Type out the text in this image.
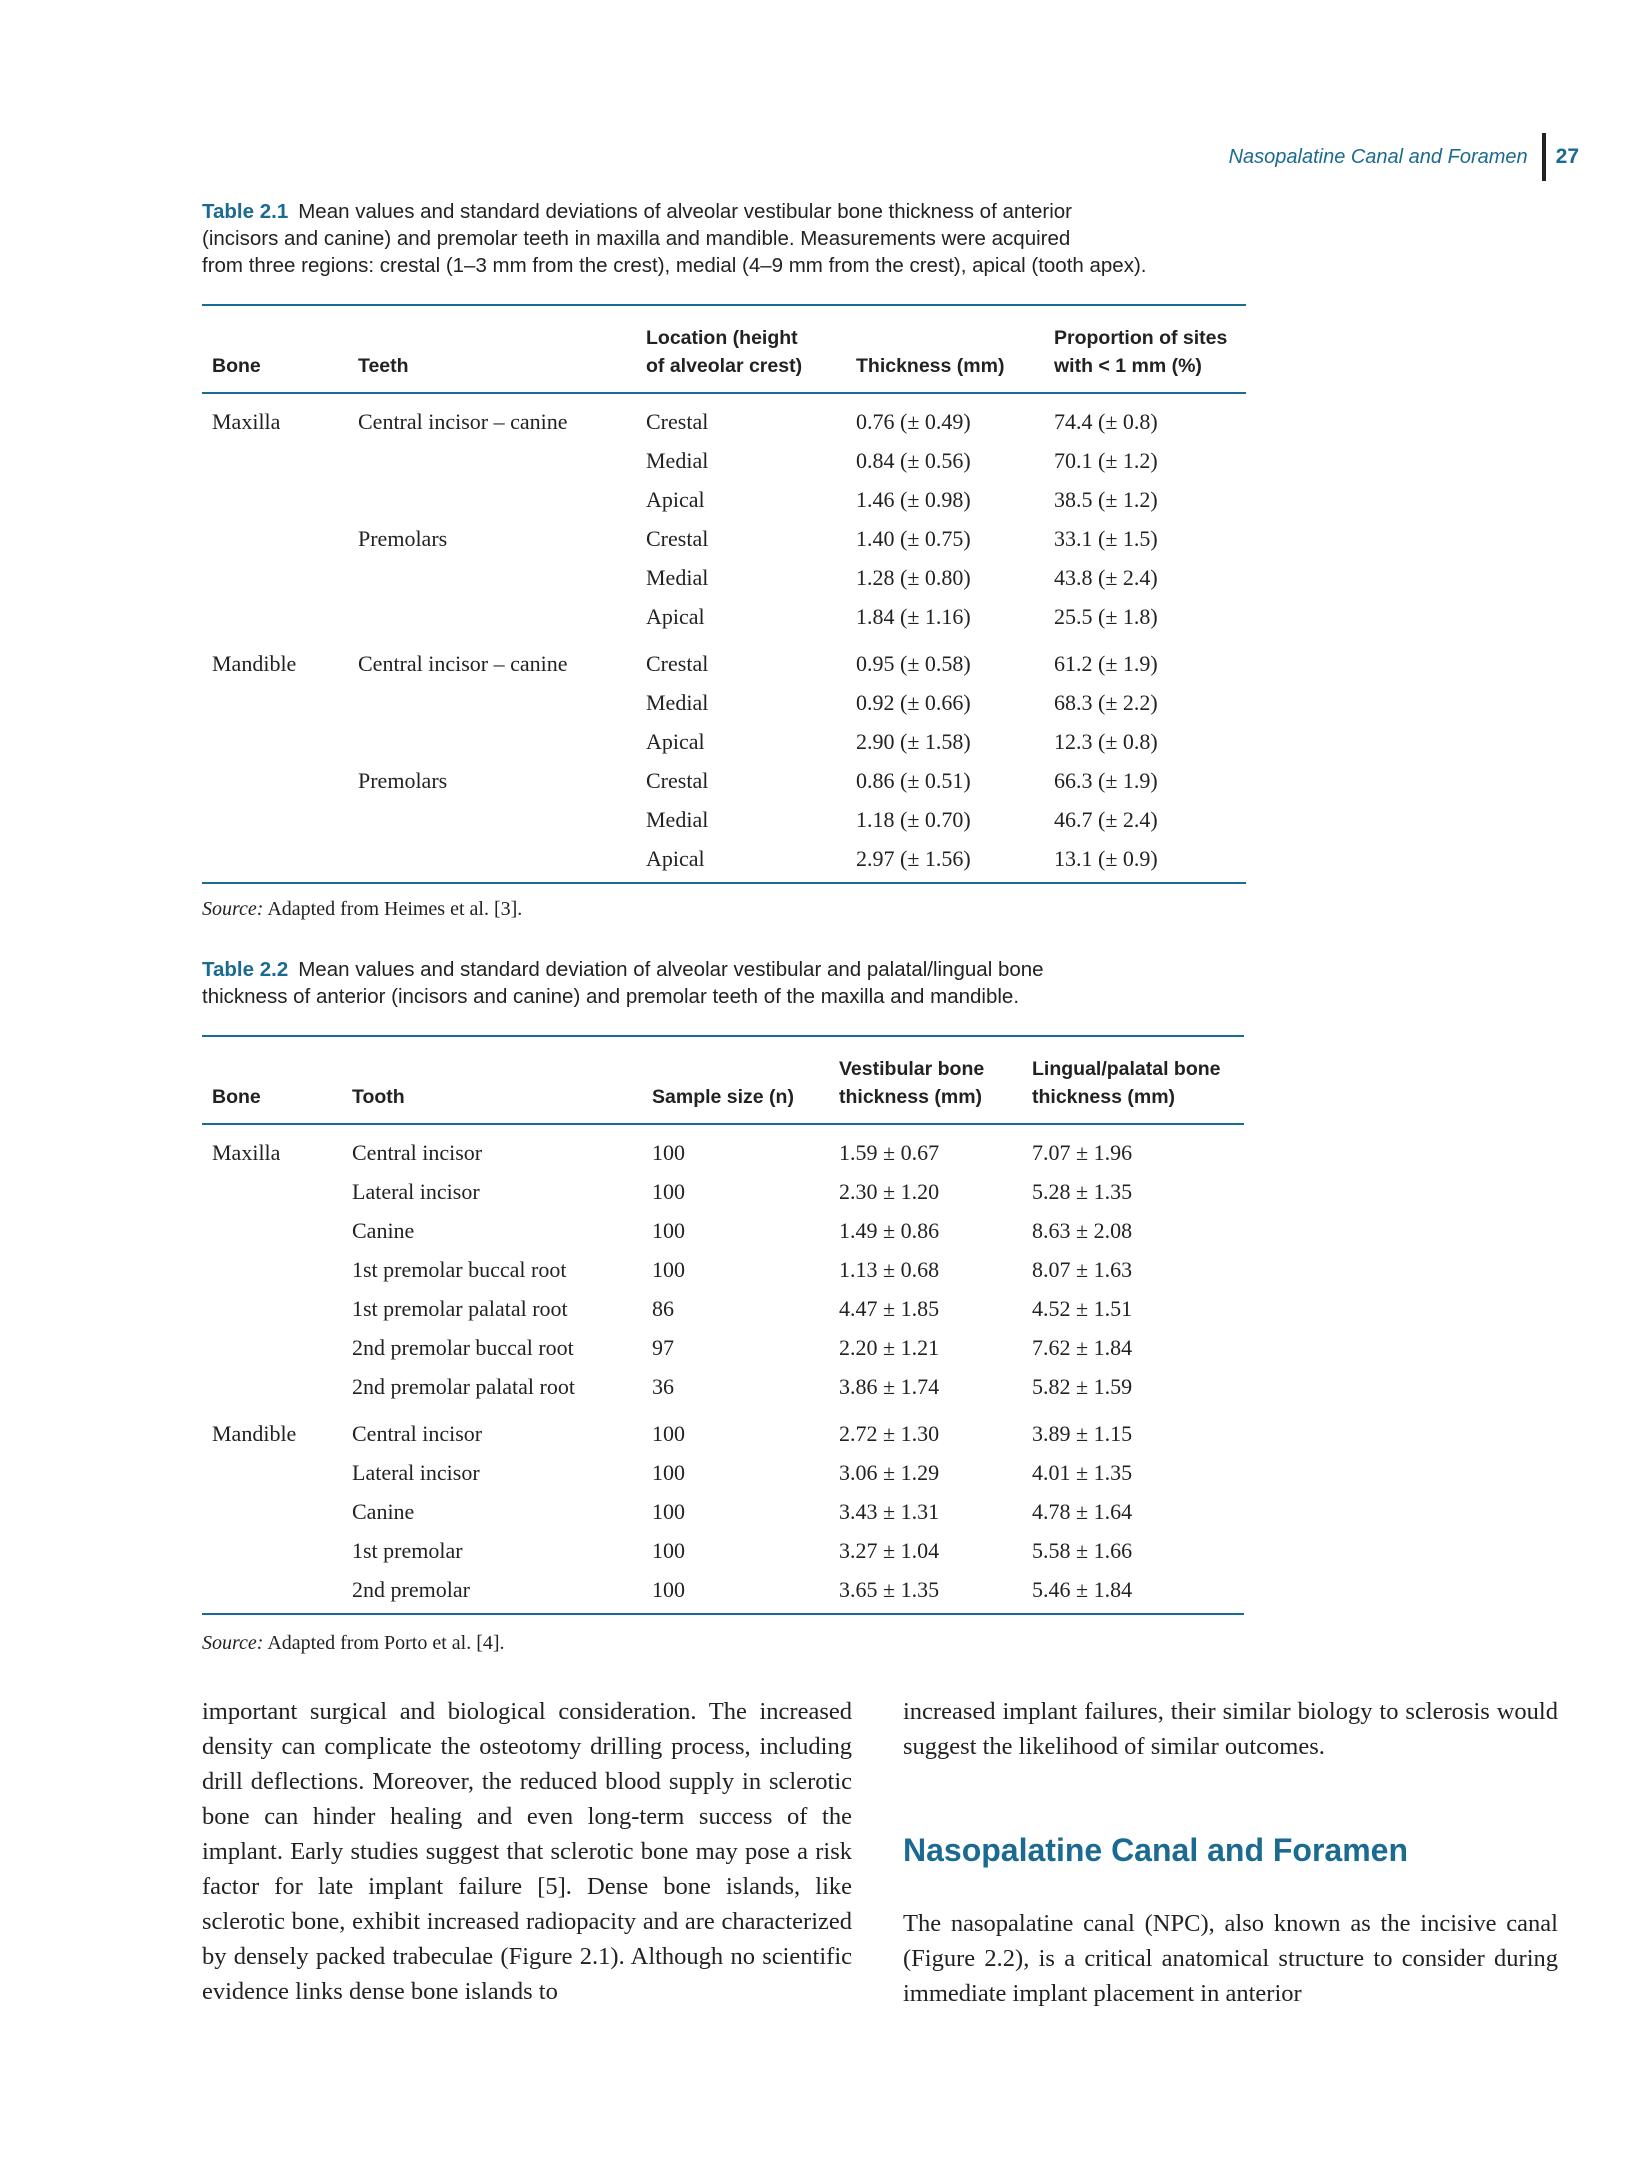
Nasopalatine Canal and Foramen 27
Table 2.1 Mean values and standard deviations of alveolar vestibular bone thickness of anterior
(incisors and canine) and premolar teeth in maxilla and mandible. Measurements were acquired
from three regions: crestal (1–3 mm from the crest), medial (4–9 mm from the crest), apical (tooth apex).
Bone	Teeth	Location (height
of alveolar crest)	Thickness (mm)	Proportion of sites
with < 1 mm (%)
Maxilla	Central incisor – canine	Crestal	0.76 (± 0.49)	74.4 (± 0.8)
		Medial	0.84 (± 0.56)	70.1 (± 1.2)
		Apical	1.46 (± 0.98)	38.5 (± 1.2)
	Premolars	Crestal	1.40 (± 0.75)	33.1 (± 1.5)
		Medial	1.28 (± 0.80)	43.8 (± 2.4)
		Apical	1.84 (± 1.16)	25.5 (± 1.8)
Mandible	Central incisor – canine	Crestal	0.95 (± 0.58)	61.2 (± 1.9)
		Medial	0.92 (± 0.66)	68.3 (± 2.2)
		Apical	2.90 (± 1.58)	12.3 (± 0.8)
	Premolars	Crestal	0.86 (± 0.51)	66.3 (± 1.9)
		Medial	1.18 (± 0.70)	46.7 (± 2.4)
		Apical	2.97 (± 1.56)	13.1 (± 0.9)
Source: Adapted from Heimes et al. [3].
Table 2.2 Mean values and standard deviation of alveolar vestibular and palatal/lingual bone
thickness of anterior (incisors and canine) and premolar teeth of the maxilla and mandible.
Bone	Tooth	Sample size (n)	Vestibular bone
thickness (mm)	Lingual/palatal bone
thickness (mm)
Maxilla	Central incisor	100	1.59 ± 0.67	7.07 ± 1.96
	Lateral incisor	100	2.30 ± 1.20	5.28 ± 1.35
	Canine	100	1.49 ± 0.86	8.63 ± 2.08
	1st premolar buccal root	100	1.13 ± 0.68	8.07 ± 1.63
	1st premolar palatal root	86	4.47 ± 1.85	4.52 ± 1.51
	2nd premolar buccal root	97	2.20 ± 1.21	7.62 ± 1.84
	2nd premolar palatal root	36	3.86 ± 1.74	5.82 ± 1.59
Mandible	Central incisor	100	2.72 ± 1.30	3.89 ± 1.15
	Lateral incisor	100	3.06 ± 1.29	4.01 ± 1.35
	Canine	100	3.43 ± 1.31	4.78 ± 1.64
	1st premolar	100	3.27 ± 1.04	5.58 ± 1.66
	2nd premolar	100	3.65 ± 1.35	5.46 ± 1.84
Source: Adapted from Porto et al. [4].
important surgical and biological consideration. The increased density can complicate the osteotomy drilling process, including drill deflections. Moreover, the reduced blood supply in sclerotic bone can hinder healing and even long-term success of the implant. Early studies suggest that sclerotic bone may pose a risk factor for late implant failure [5]. Dense bone islands, like sclerotic bone, exhibit increased radiopacity and are characterized by densely packed trabeculae (Figure 2.1). Although no scientific evidence links dense bone islands to
increased implant failures, their similar biology to sclerosis would suggest the likelihood of similar outcomes.
Nasopalatine Canal and Foramen
The nasopalatine canal (NPC), also known as the incisive canal (Figure 2.2), is a critical anatomical structure to consider during immediate implant placement in anterior
